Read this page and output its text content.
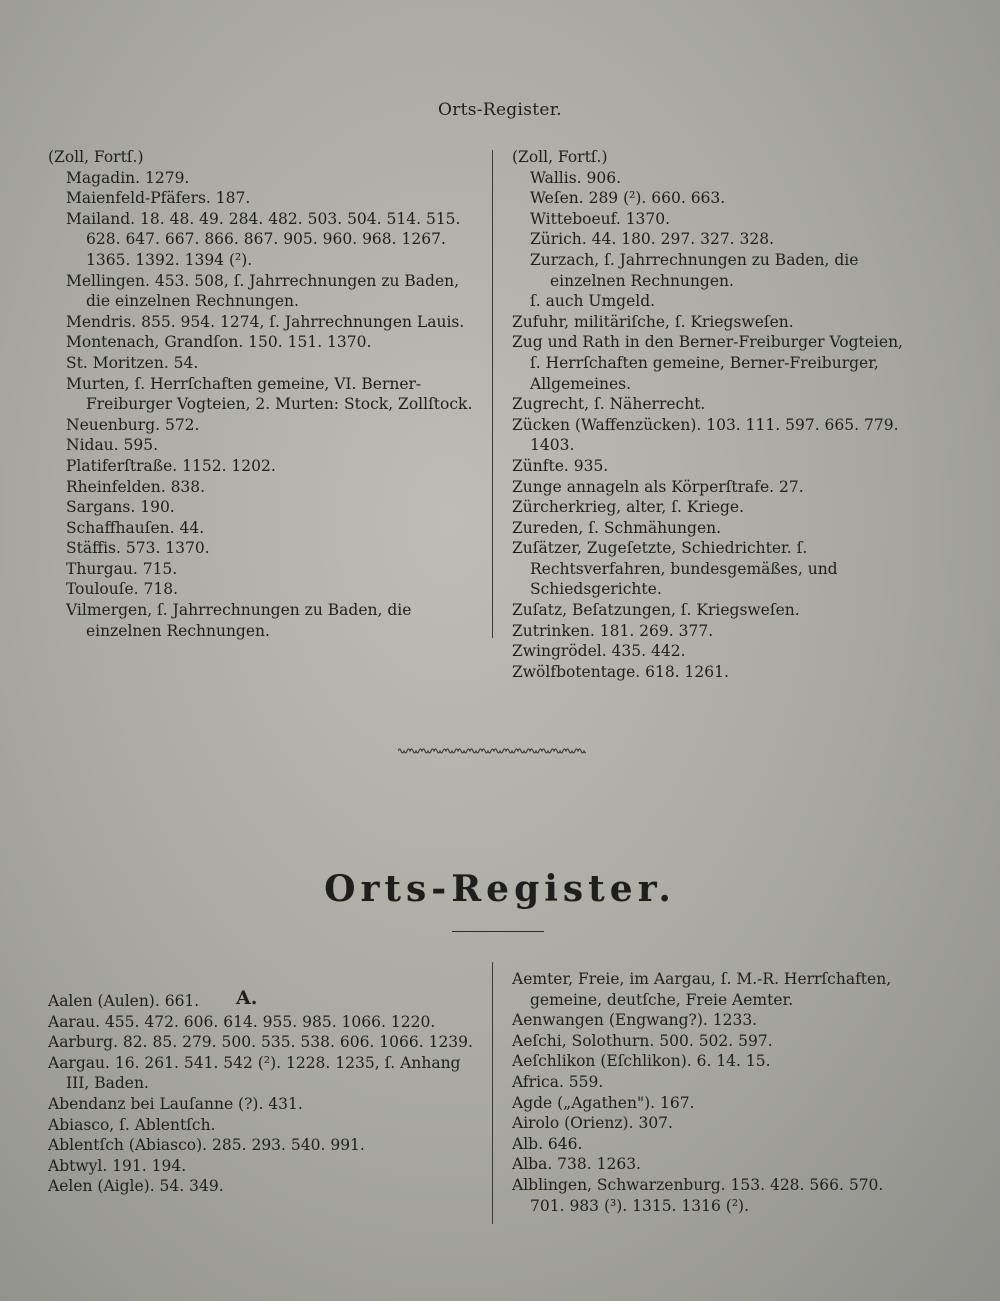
Orts-Register.
(Zoll, Fortſ.)
Magadin. 1279.
Maienfeld-Pfäfers. 187.
Mailand. 18. 48. 49. 284. 482. 503. 504. 514. 515. 628. 647. 667. 866. 867. 905. 960. 968. 1267. 1365. 1392. 1394 (²).
Mellingen. 453. 508, ſ. Jahrrechnungen zu Baden, die einzelnen Rechnungen.
Mendris. 855. 954. 1274, ſ. Jahrrechnungen Lauis.
Montenach, Grandſon. 150. 151. 1370.
St. Moritzen. 54.
Murten, ſ. Herrſchaften gemeine, VI. Berner-Freiburger Vogteien, 2. Murten: Stock, Zollſtock.
Neuenburg. 572.
Nidau. 595.
Platiferſtraße. 1152. 1202.
Rheinfelden. 838.
Sargans. 190.
Schaffhauſen. 44.
Stäffis. 573. 1370.
Thurgau. 715.
Toulouſe. 718.
Vilmergen, ſ. Jahrrechnungen zu Baden, die einzelnen Rechnungen.
(Zoll, Fortſ.)
Wallis. 906.
Weſen. 289 (²). 660. 663.
Witteboeuf. 1370.
Zürich. 44. 180. 297. 327. 328.
Zurzach, ſ. Jahrrechnungen zu Baden, die einzelnen Rechnungen.
ſ. auch Umgeld.
Zufuhr, militäriſche, ſ. Kriegsweſen.
Zug und Rath in den Berner-Freiburger Vogteien, ſ. Herrſchaften gemeine, Berner-Freiburger, Allgemeines.
Zugrecht, ſ. Näherrecht.
Zücken (Waffenzücken). 103. 111. 597. 665. 779. 1403.
Zünfte. 935.
Zunge annageln als Körperſtrafe. 27.
Zürcherkrieg, alter, ſ. Kriege.
Zureden, ſ. Schmähungen.
Zuſätzer, Zugeſetzte, Schiedrichter. ſ. Rechtsverfahren, bundesgemäßes, und Schiedsgerichte.
Zuſatz, Beſatzungen, ſ. Kriegsweſen.
Zutrinken. 181. 269. 377.
Zwingrödel. 435. 442.
Zwölfbotentage. 618. 1261.
Orts-Register.
A.
Aalen (Aulen). 661.
Aarau. 455. 472. 606. 614. 955. 985. 1066. 1220.
Aarburg. 82. 85. 279. 500. 535. 538. 606. 1066. 1239.
Aargau. 16. 261. 541. 542 (²). 1228. 1235, ſ. Anhang III, Baden.
Abendanz bei Lauſanne (?). 431.
Abiasco, ſ. Ablentſch.
Ablentſch (Abiasco). 285. 293. 540. 991.
Abtwyl. 191. 194.
Aelen (Aigle). 54. 349.
Aemter, Freie, im Aargau, ſ. M.-R. Herrſchaften, gemeine, deutſche, Freie Aemter.
Aenwangen (Engwang?). 1233.
Aeſchi, Solothurn. 500. 502. 597.
Aeſchlikon (Eſchlikon). 6. 14. 15.
Africa. 559.
Agde („Agathen"). 167.
Airolo (Orienz). 307.
Alb. 646.
Alba. 738. 1263.
Alblingen, Schwarzenburg. 153. 428. 566. 570. 701. 983 (³). 1315. 1316 (²).
